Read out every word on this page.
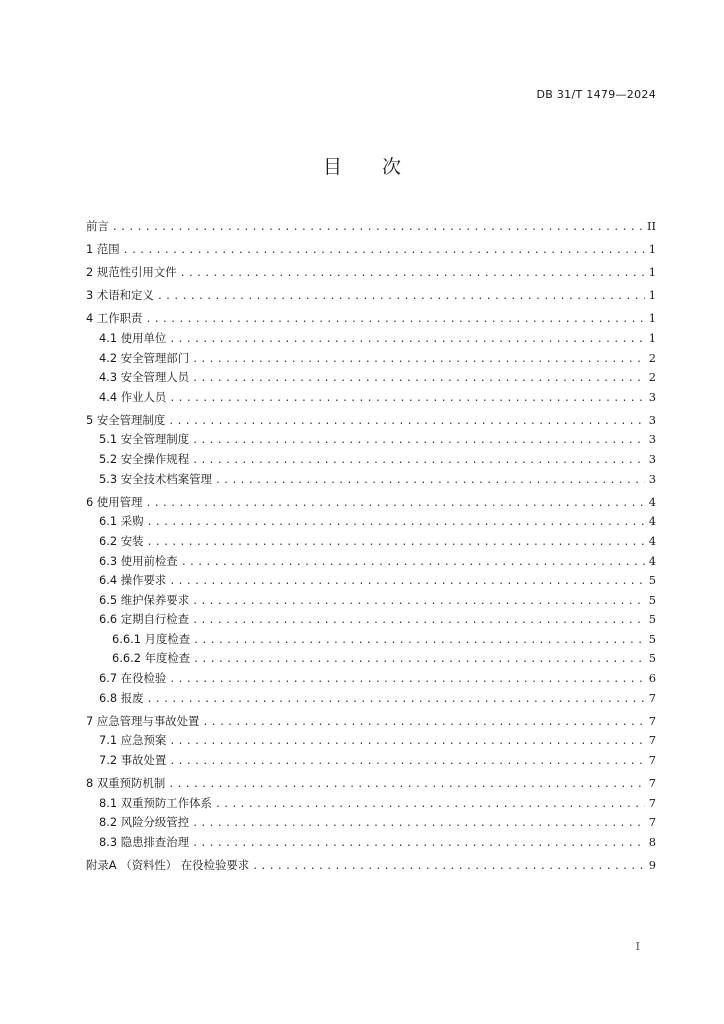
DB 31/T 1479—2024
目次
前言 .....	II
1 范围 .....	1
2 规范性引用文件 .....	1
3 术语和定义 .....	1
4 工作职责 .....	1
4.1 使用单位 .....	1
4.2 安全管理部门 .....	2
4.3 安全管理人员 .....	2
4.4 作业人员 .....	3
5 安全管理制度 .....	3
5.1 安全管理制度 .....	3
5.2 安全操作规程 .....	3
5.3 安全技术档案管理 .....	3
6 使用管理 .....	4
6.1 采购 .....	4
6.2 安装 .....	4
6.3 使用前检查 .....	4
6.4 操作要求 .....	5
6.5 维护保养要求 .....	5
6.6 定期自行检查 .....	5
6.6.1 月度检查 .....	5
6.6.2 年度检查 .....	5
6.7 在役检验 .....	6
6.8 报废 .....	7
7 应急管理与事故处置 .....	7
7.1 应急预案 .....	7
7.2 事故处置 .....	7
8 双重预防机制 .....	7
8.1 双重预防工作体系 .....	7
8.2 风险分级管控 .....	7
8.3 隐患排查治理 .....	8
附录A （资料性） 在役检验要求 .....	9
I
